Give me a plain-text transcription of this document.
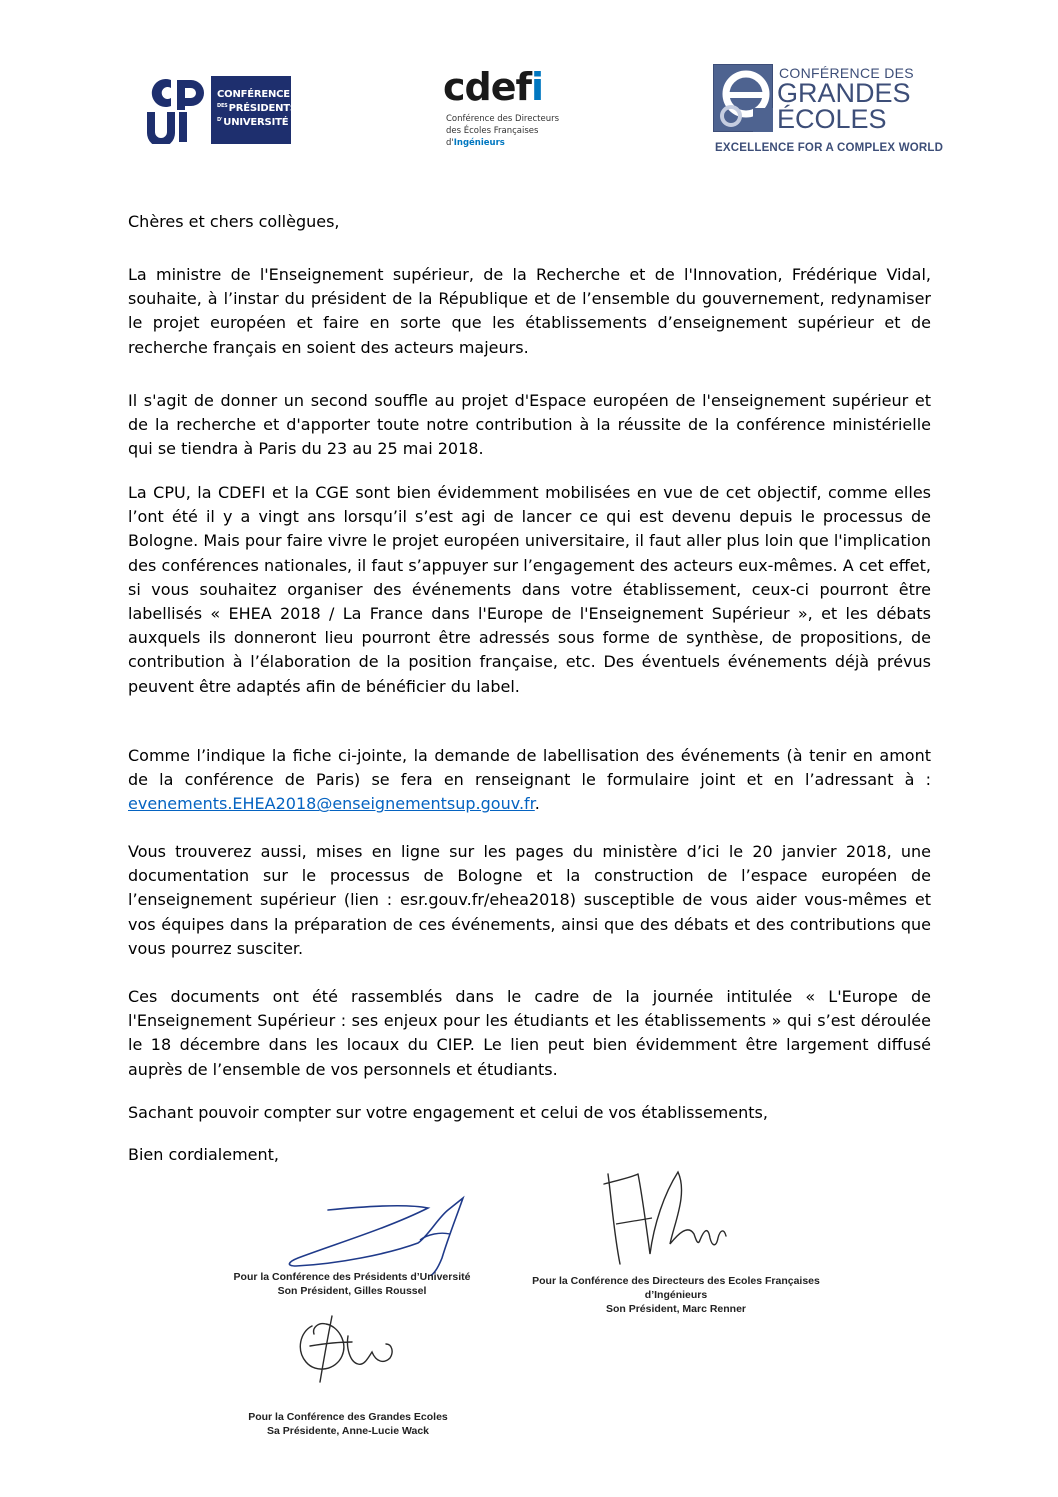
CONFÉRENCE
$^{DES}$PRÉSIDENTS
$^{D'}$UNIVERSITÉ
cdefi
Conférence des Directeurs
des Écoles Françaises
d'Ingénieurs
CONFÉRENCE DES
GRANDES
ÉCOLES
EXCELLENCE FOR A COMPLEX WORLD
Chères et chers collègues,
La ministre de l'Enseignement supérieur, de la Recherche et de l'Innovation, Frédérique Vidal, souhaite, à l’instar du président de la République et de l’ensemble du gouvernement, redynamiser le projet européen et faire en sorte que les établissements d’enseignement supérieur et de recherche français en soient des acteurs majeurs.
Il s'agit de donner un second souffle au projet d'Espace européen de l'enseignement supérieur et de la recherche et d'apporter toute notre contribution à la réussite de la conférence ministérielle qui se tiendra à Paris du 23 au 25 mai 2018.
La CPU, la CDEFI et la CGE sont bien évidemment mobilisées en vue de cet objectif, comme elles l’ont été il y a vingt ans lorsqu’il s’est agi de lancer ce qui est devenu depuis le processus de Bologne. Mais pour faire vivre le projet européen universitaire, il faut aller plus loin que l'implication des conférences nationales, il faut s’appuyer sur l’engagement des acteurs eux-mêmes. A cet effet, si vous souhaitez organiser des événements dans votre établissement, ceux-ci pourront être labellisés « EHEA 2018 / La France dans l'Europe de l'Enseignement Supérieur », et les débats auxquels ils donneront lieu pourront être adressés sous forme de synthèse, de propositions, de contribution à l’élaboration de la position française, etc. Des éventuels événements déjà prévus peuvent être adaptés afin de bénéficier du label.
Comme l’indique la fiche ci-jointe, la demande de labellisation des événements (à tenir en amont de la conférence de Paris) se fera en renseignant le formulaire joint et en l’adressant à : evenements.EHEA2018@enseignementsup.gouv.fr.
Vous trouverez aussi, mises en ligne sur les pages du ministère d’ici le 20 janvier 2018, une documentation sur le processus de Bologne et la construction de l’espace européen de l’enseignement supérieur (lien : esr.gouv.fr/ehea2018) susceptible de vous aider vous-mêmes et vos équipes dans la préparation de ces événements, ainsi que des débats et des contributions que vous pourrez susciter.
Ces documents ont été rassemblés dans le cadre de la journée intitulée « L'Europe de l'Enseignement Supérieur : ses enjeux pour les étudiants et les établissements » qui s’est déroulée le 18 décembre dans les locaux du CIEP. Le lien peut bien évidemment être largement diffusé auprès de l’ensemble de vos personnels et étudiants.
Sachant pouvoir compter sur votre engagement et celui de vos établissements,
Bien cordialement,
Pour la Conférence des Présidents d’Université
Son Président, Gilles Roussel
Pour la Conférence des Directeurs des Ecoles Françaises
d’Ingénieurs
Son Président, Marc Renner
Pour la Conférence des Grandes Ecoles
Sa Présidente, Anne-Lucie Wack
